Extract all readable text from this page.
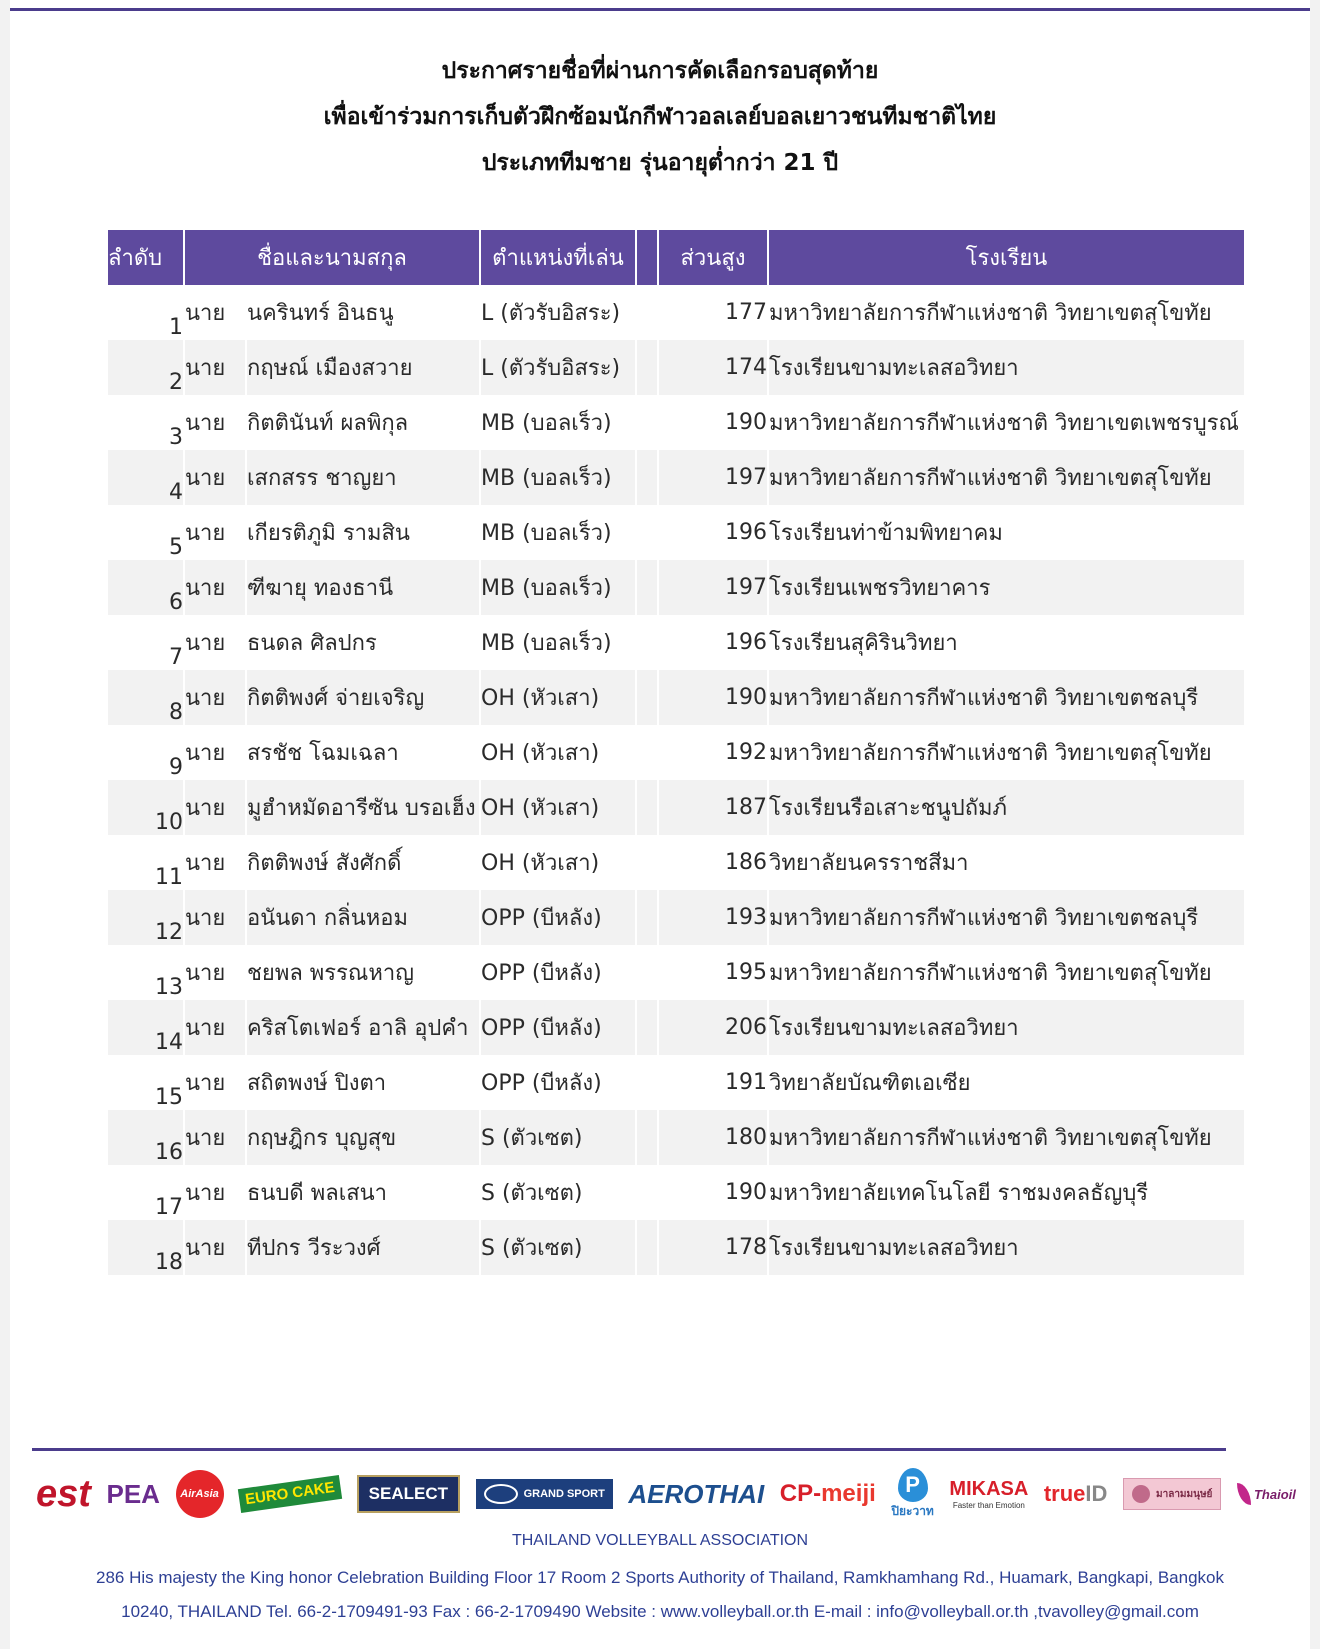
ประกาศรายชื่อที่ผ่านการคัดเลือกรอบสุดท้าย
เพื่อเข้าร่วมการเก็บตัวฝึกซ้อมนักกีฬาวอลเลย์บอลเยาวชนทีมชาติไทย
ประเภททีมชาย รุ่นอายุต่ำกว่า 21 ปี
ลำดับ	ชื่อและนามสกุล		ตำแหน่งที่เล่น		ส่วนสูง	โรงเรียน
1	นาย	นครินทร์ อินธนู	L (ตัวรับอิสระ)		177	มหาวิทยาลัยการกีฬาแห่งชาติ วิทยาเขตสุโขทัย
2	นาย	กฤษณ์ เมืองสวาย	L (ตัวรับอิสระ)		174	โรงเรียนขามทะเลสอวิทยา
3	นาย	กิตตินันท์ ผลพิกุล	MB (บอลเร็ว)		190	มหาวิทยาลัยการกีฬาแห่งชาติ วิทยาเขตเพชรบูรณ์
4	นาย	เสกสรร ชาญยา	MB (บอลเร็ว)		197	มหาวิทยาลัยการกีฬาแห่งชาติ วิทยาเขตสุโขทัย
5	นาย	เกียรติภูมิ รามสิน	MB (บอลเร็ว)		196	โรงเรียนท่าข้ามพิทยาคม
6	นาย	ฑีฆายุ ทองธานี	MB (บอลเร็ว)		197	โรงเรียนเพชรวิทยาคาร
7	นาย	ธนดล ศิลปกร	MB (บอลเร็ว)		196	โรงเรียนสุคิรินวิทยา
8	นาย	กิตติพงศ์ จ่ายเจริญ	OH (หัวเสา)		190	มหาวิทยาลัยการกีฬาแห่งชาติ วิทยาเขตชลบุรี
9	นาย	สรชัช โฉมเฉลา	OH (หัวเสา)		192	มหาวิทยาลัยการกีฬาแห่งชาติ วิทยาเขตสุโขทัย
10	นาย	มูฮำหมัดอารีซัน บรอเฮ็ง	OH (หัวเสา)		187	โรงเรียนรือเสาะชนูปถัมภ์
11	นาย	กิตติพงษ์ สังศักดิ์	OH (หัวเสา)		186	วิทยาลัยนครราชสีมา
12	นาย	อนันดา กลิ่นหอม	OPP (บีหลัง)		193	มหาวิทยาลัยการกีฬาแห่งชาติ วิทยาเขตชลบุรี
13	นาย	ชยพล พรรณหาญ	OPP (บีหลัง)		195	มหาวิทยาลัยการกีฬาแห่งชาติ วิทยาเขตสุโขทัย
14	นาย	คริสโตเฟอร์ อาลิ อุปคำ	OPP (บีหลัง)		206	โรงเรียนขามทะเลสอวิทยา
15	นาย	สถิตพงษ์ ปิงตา	OPP (บีหลัง)		191	วิทยาลัยบัณฑิตเอเซีย
16	นาย	กฤษฎิกร บุญสุข	S (ตัวเซต)		180	มหาวิทยาลัยการกีฬาแห่งชาติ วิทยาเขตสุโขทัย
17	นาย	ธนบดี พลเสนา	S (ตัวเซต)		190	มหาวิทยาลัยเทคโนโลยี ราชมงคลธัญบุรี
18	นาย	ทีปกร วีระวงศ์	S (ตัวเซต)		178	โรงเรียนขามทะเลสอวิทยา
est PEA	AirAsia	EURO CAKE	SEALECT	GRAND SPORT AEROTHAI CP-meiji	P
ปิยะวาท
MIKASA
Faster than Emotion trueID	มาลามมนุษย์	Thaioil
THAILAND VOLLEYBALL ASSOCIATION
286 His majesty the King honor Celebration Building Floor 17 Room 2 Sports Authority of Thailand, Ramkhamhang Rd., Huamark, Bangkapi, Bangkok
10240, THAILAND Tel. 66-2-1709491-93 Fax : 66-2-1709490 Website : www.volleyball.or.th E-mail : info@volleyball.or.th ,tvavolley@gmail.com
